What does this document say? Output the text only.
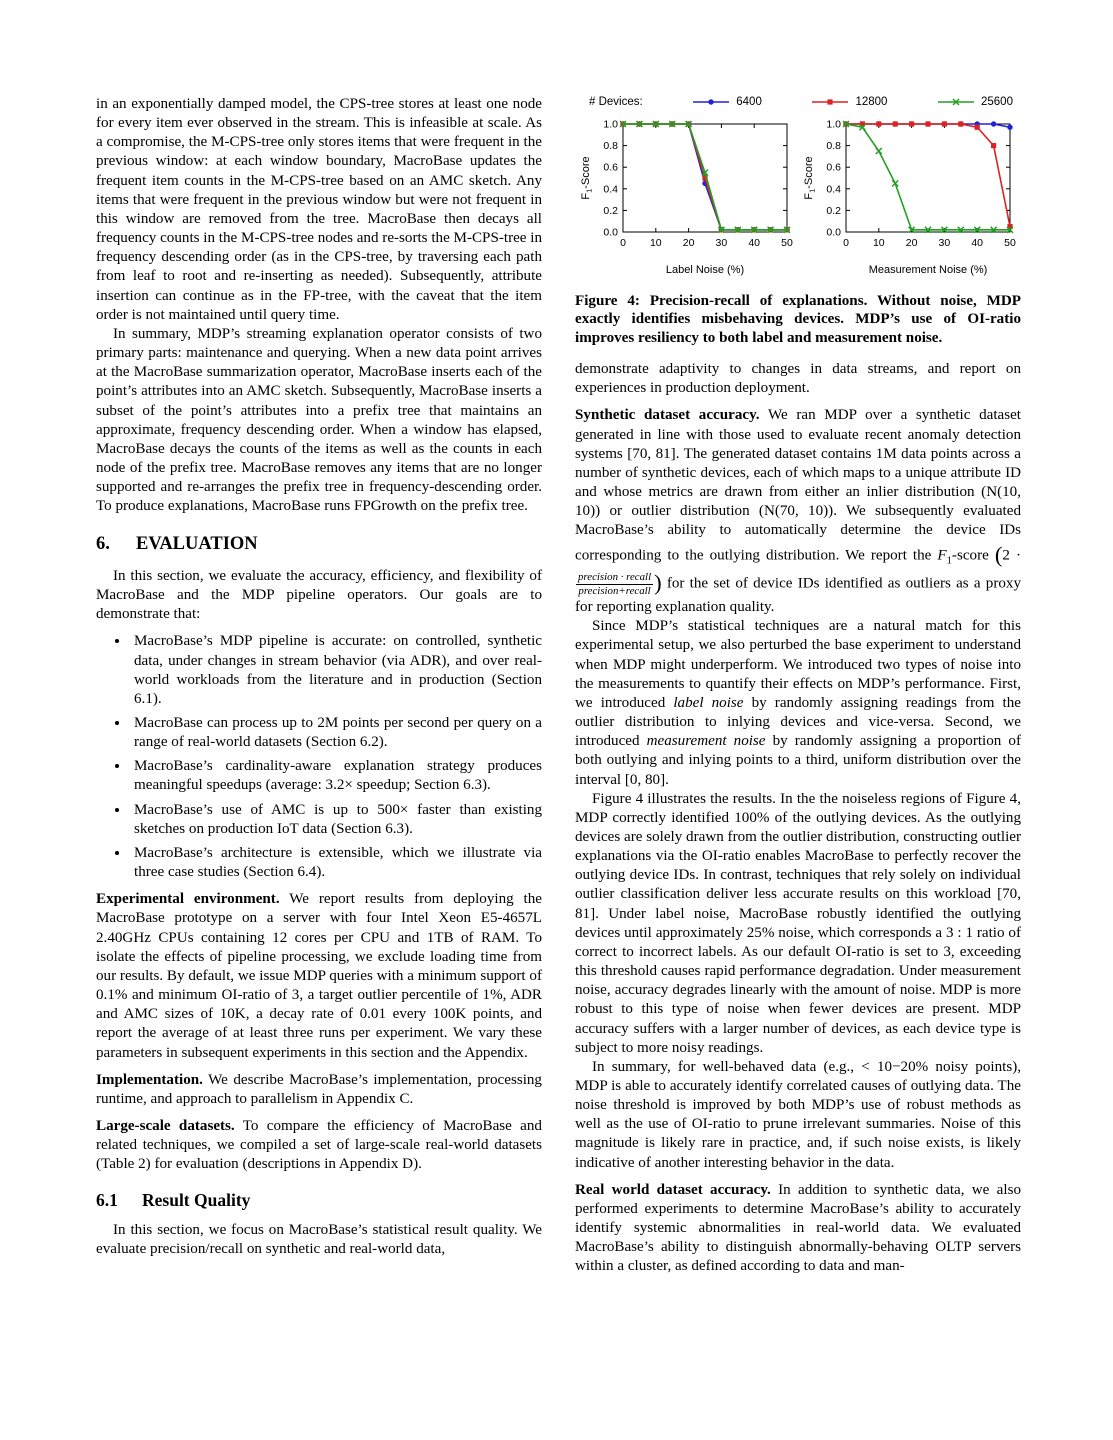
in an exponentially damped model, the CPS-tree stores at least one node for every item ever observed in the stream. This is infeasible at scale. As a compromise, the M-CPS-tree only stores items that were frequent in the previous window: at each window boundary, MacroBase updates the frequent item counts in the M-CPS-tree based on an AMC sketch. Any items that were frequent in the previous window but were not frequent in this window are removed from the tree. MacroBase then decays all frequency counts in the M-CPS-tree nodes and re-sorts the M-CPS-tree in frequency descending order (as in the CPS-tree, by traversing each path from leaf to root and re-inserting as needed). Subsequently, attribute insertion can continue as in the FP-tree, with the caveat that the item order is not maintained until query time.

In summary, MDP’s streaming explanation operator consists of two primary parts: maintenance and querying. When a new data point arrives at the MacroBase summarization operator, MacroBase inserts each of the point’s attributes into an AMC sketch. Subsequently, MacroBase inserts a subset of the point’s attributes into a prefix tree that maintains an approximate, frequency descending order. When a window has elapsed, MacroBase decays the counts of the items as well as the counts in each node of the prefix tree. MacroBase removes any items that are no longer supported and re-arranges the prefix tree in frequency-descending order. To produce explanations, MacroBase runs FPGrowth on the prefix tree.

6. EVALUATION

In this section, we evaluate the accuracy, efficiency, and flexibility of MacroBase and the MDP pipeline operators. Our goals are to demonstrate that:

• MacroBase’s MDP pipeline is accurate: on controlled, synthetic data, under changes in stream behavior (via ADR), and over real-world workloads from the literature and in production (Section 6.1).
• MacroBase can process up to 2M points per second per query on a range of real-world datasets (Section 6.2).
• MacroBase’s cardinality-aware explanation strategy produces meaningful speedups (average: 3.2× speedup; Section 6.3).
• MacroBase’s use of AMC is up to 500× faster than existing sketches on production IoT data (Section 6.3).
• MacroBase’s architecture is extensible, which we illustrate via three case studies (Section 6.4).

Experimental environment. We report results from deploying the MacroBase prototype on a server with four Intel Xeon E5-4657L 2.40GHz CPUs containing 12 cores per CPU and 1TB of RAM. To isolate the effects of pipeline processing, we exclude loading time from our results. By default, we issue MDP queries with a minimum support of 0.1% and minimum OI-ratio of 3, a target outlier percentile of 1%, ADR and AMC sizes of 10K, a decay rate of 0.01 every 100K points, and report the average of at least three runs per experiment. We vary these parameters in subsequent experiments in this section and the Appendix.

Implementation. We describe MacroBase’s implementation, processing runtime, and approach to parallelism in Appendix C.

Large-scale datasets. To compare the efficiency of MacroBase and related techniques, we compiled a set of large-scale real-world datasets (Table 2) for evaluation (descriptions in Appendix D).

6.1 Result Quality

In this section, we focus on MacroBase’s statistical result quality. We evaluate precision/recall on synthetic and real-world data,

# Devices:	6400	12800	25600
0.0
0.2
0.4
0.6
0.8
1.0
0 10 20 30 40 50
Label Noise (%)
$F_1$-Score
0.0
0.2
0.4
0.6
0.8
1.0
0 10 20 30 40 50
Measurement Noise (%)
$F_1$-Score

Figure 4: Precision-recall of explanations. Without noise, MDP exactly identifies misbehaving devices. MDP’s use of OI-ratio improves resiliency to both label and measurement noise.

demonstrate adaptivity to changes in data streams, and report on experiences in production deployment.

Synthetic dataset accuracy. We ran MDP over a synthetic dataset generated in line with those used to evaluate recent anomaly detection systems [70, 81]. The generated dataset contains 1M data points across a number of synthetic devices, each of which maps to a unique attribute ID and whose metrics are drawn from either an inlier distribution (N(10, 10)) or outlier distribution (N(70, 10)). We subsequently evaluated MacroBase’s ability to automatically determine the device IDs corresponding to the outlying distribution. We report the $F_1$-score (2 ·
$\frac{\text{precision · recall}}{\text{precision+recall}}$ ) for the set of device IDs identified as outliers as a proxy for reporting explanation quality.

Since MDP’s statistical techniques are a natural match for this experimental setup, we also perturbed the base experiment to understand when MDP might underperform. We introduced two types of noise into the measurements to quantify their effects on MDP’s performance. First, we introduced label noise by randomly assigning readings from the outlier distribution to inlying devices and vice-versa. Second, we introduced measurement noise by randomly assigning a proportion of both outlying and inlying points to a third, uniform distribution over the interval [0, 80].

Figure 4 illustrates the results. In the the noiseless regions of Figure 4, MDP correctly identified 100% of the outlying devices. As the outlying devices are solely drawn from the outlier distribution, constructing outlier explanations via the OI-ratio enables MacroBase to perfectly recover the outlying device IDs. In contrast, techniques that rely solely on individual outlier classification deliver less accurate results on this workload [70, 81]. Under label noise, MacroBase robustly identified the outlying devices until approximately 25% noise, which corresponds a 3 : 1 ratio of correct to incorrect labels. As our default OI-ratio is set to 3, exceeding this threshold causes rapid performance degradation. Under measurement noise, accuracy degrades linearly with the amount of noise. MDP is more robust to this type of noise when fewer devices are present. MDP accuracy suffers with a larger number of devices, as each device type is subject to more noisy readings.

In summary, for well-behaved data (e.g., < 10−20% noisy points), MDP is able to accurately identify correlated causes of outlying data. The noise threshold is improved by both MDP’s use of robust methods as well as the use of OI-ratio to prune irrelevant summaries. Noise of this magnitude is likely rare in practice, and, if such noise exists, is likely indicative of another interesting behavior in the data.

Real world dataset accuracy. In addition to synthetic data, we also performed experiments to determine MacroBase’s ability to accurately identify systemic abnormalities in real-world data. We evaluated MacroBase’s ability to distinguish abnormally-behaving OLTP servers within a cluster, as defined according to data and man-
